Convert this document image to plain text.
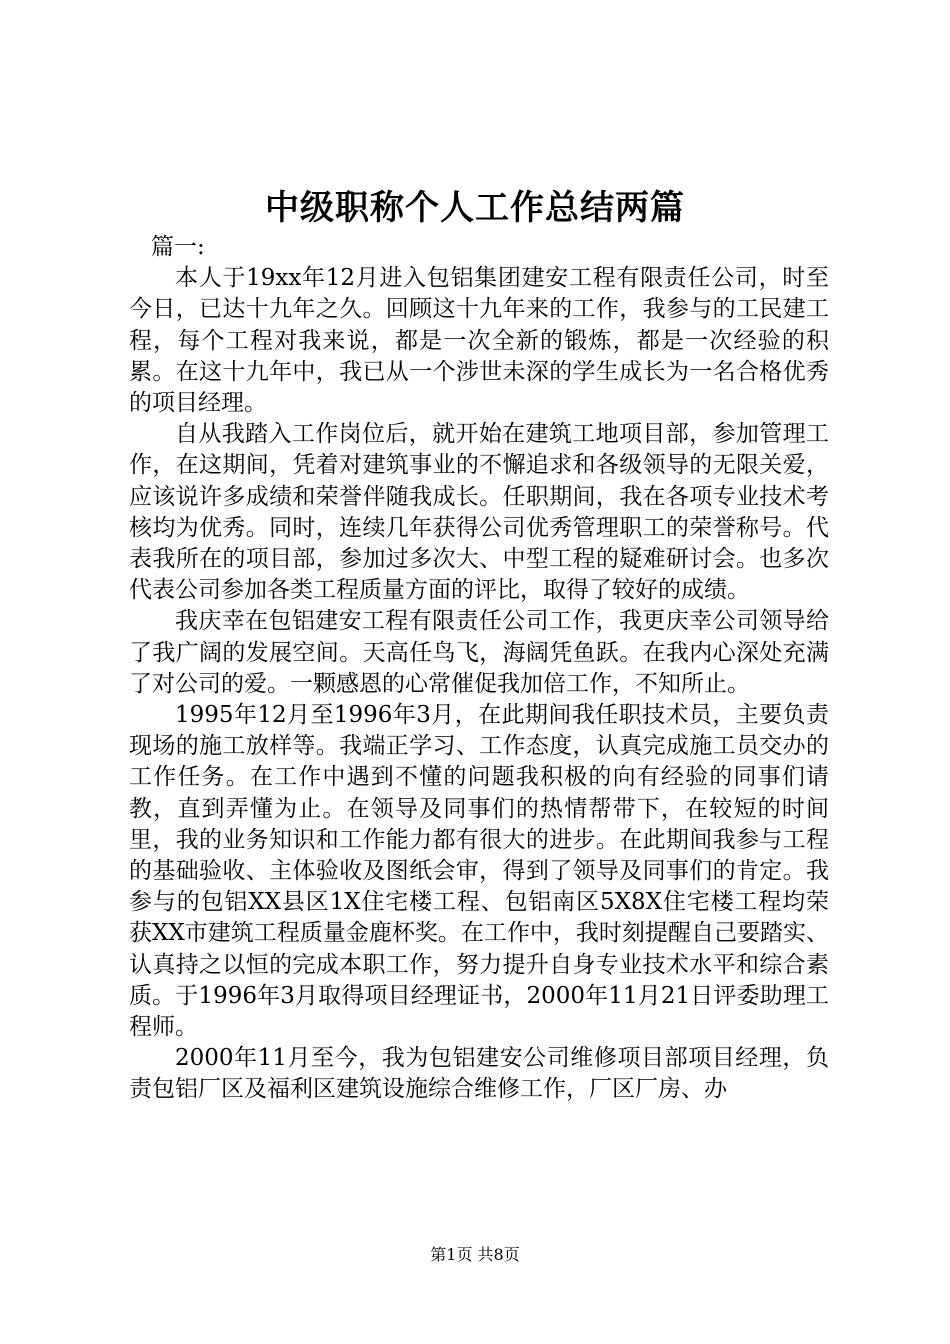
中级职称个人工作总结两篇

篇一:

本人于19xx年12月进入包铝集团建安工程有限责任公司，时至今日，已达十九年之久。回顾这十九年来的工作，我参与的工民建工程，每个工程对我来说，都是一次全新的锻炼，都是一次经验的积累。在这十九年中，我已从一个涉世未深的学生成长为一名合格优秀的项目经理。

自从我踏入工作岗位后，就开始在建筑工地项目部，参加管理工作，在这期间，凭着对建筑事业的不懈追求和各级领导的无限关爱，应该说许多成绩和荣誉伴随我成长。任职期间，我在各项专业技术考核均为优秀。同时，连续几年获得公司优秀管理职工的荣誉称号。代表我所在的项目部，参加过多次大、中型工程的疑难研讨会。也多次代表公司参加各类工程质量方面的评比，取得了较好的成绩。

我庆幸在包铝建安工程有限责任公司工作，我更庆幸公司领导给了我广阔的发展空间。天高任鸟飞，海阔凭鱼跃。在我内心深处充满了对公司的爱。一颗感恩的心常催促我加倍工作，不知所止。

1995年12月至1996年3月，在此期间我任职技术员，主要负责现场的施工放样等。我端正学习、工作态度，认真完成施工员交办的工作任务。在工作中遇到不懂的问题我积极的向有经验的同事们请教，直到弄懂为止。在领导及同事们的热情帮带下，在较短的时间里，我的业务知识和工作能力都有很大的进步。在此期间我参与工程的基础验收、主体验收及图纸会审，得到了领导及同事们的肯定。我参与的包铝XX县区1X住宅楼工程、包铝南区5X8X住宅楼工程均荣获XX市建筑工程质量金鹿杯奖。在工作中，我时刻提醒自己要踏实、认真持之以恒的完成本职工作，努力提升自身专业技术水平和综合素质。于1996年3月取得项目经理证书，2000年11月21日评委助理工程师。

2000年11月至今，我为包铝建安公司维修项目部项目经理，负责包铝厂区及福利区建筑设施综合维修工作，厂区厂房、办

第1页 共8页
